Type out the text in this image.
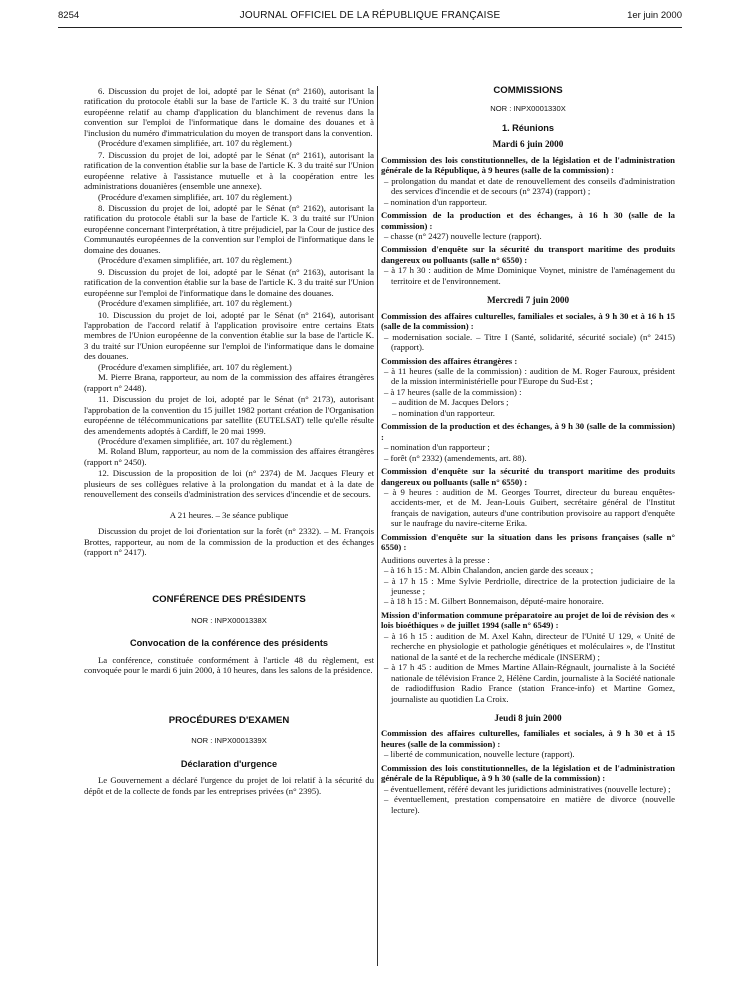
8254	JOURNAL OFFICIEL DE LA RÉPUBLIQUE FRANÇAISE	1er juin 2000

6. Discussion du projet de loi, adopté par le Sénat (n° 2160), autorisant la ratification du protocole établi sur la base de l'article K. 3 du traité sur l'Union européenne relatif au champ d'application du blanchiment de revenus dans la convention sur l'emploi de l'informatique dans le domaine des douanes et à l'inclusion du numéro d'immatriculation du moyen de transport dans la convention.

(Procédure d'examen simplifiée, art. 107 du règlement.)

7. Discussion du projet de loi, adopté par le Sénat (n° 2161), autorisant la ratification de la convention établie sur la base de l'article K. 3 du traité sur l'Union européenne relative à l'assistance mutuelle et à la coopération entre les administrations douanières (ensemble une annexe).

(Procédure d'examen simplifiée, art. 107 du règlement.)

8. Discussion du projet de loi, adopté par le Sénat (n° 2162), autorisant la ratification du protocole établi sur la base de l'article K. 3 du traité sur l'Union européenne concernant l'interprétation, à titre préjudiciel, par la Cour de justice des Communautés européennes de la convention sur l'emploi de l'informatique dans le domaine des douanes.

(Procédure d'examen simplifiée, art. 107 du règlement.)

9. Discussion du projet de loi, adopté par le Sénat (n° 2163), autorisant la ratification de la convention établie sur la base de l'article K. 3 du traité sur l'Union européenne sur l'emploi de l'informatique dans le domaine des douanes.

(Procédure d'examen simplifiée, art. 107 du règlement.)

10. Discussion du projet de loi, adopté par le Sénat (n° 2164), autorisant l'approbation de l'accord relatif à l'application provisoire entre certains Etats membres de l'Union européenne de la convention établie sur la base de l'article K. 3 du traité sur l'Union européenne sur l'emploi de l'informatique dans le domaine des douanes.

(Procédure d'examen simplifiée, art. 107 du règlement.)

M. Pierre Brana, rapporteur, au nom de la commission des affaires étrangères (rapport n° 2448).

11. Discussion du projet de loi, adopté par le Sénat (n° 2173), autorisant l'approbation de la convention du 15 juillet 1982 portant création de l'Organisation européenne de télécommunications par satellite (EUTELSAT) telle qu'elle résulte des amendements adoptés à Cardiff, le 20 mai 1999.

(Procédure d'examen simplifiée, art. 107 du règlement.)

M. Roland Blum, rapporteur, au nom de la commission des affaires étrangères (rapport n° 2450).

12. Discussion de la proposition de loi (n° 2374) de M. Jacques Fleury et plusieurs de ses collègues relative à la prolongation du mandat et à la date de renouvellement des conseils d'administration des services d'incendie et de secours.

A 21 heures. – 3e séance publique

Discussion du projet de loi d'orientation sur la forêt (n° 2332). – M. François Brottes, rapporteur, au nom de la commission de la production et des échanges (rapport n° 2417).

CONFÉRENCE DES PRÉSIDENTS

NOR : INPX0001338X

Convocation de la conférence des présidents

La conférence, constituée conformément à l'article 48 du règlement, est convoquée pour le mardi 6 juin 2000, à 10 heures, dans les salons de la présidence.

PROCÉDURES D'EXAMEN

NOR : INPX0001339X

Déclaration d'urgence

Le Gouvernement a déclaré l'urgence du projet de loi relatif à la sécurité du dépôt et de la collecte de fonds par les entreprises privées (n° 2395).

COMMISSIONS

NOR : INPX0001330X

1. Réunions

Mardi 6 juin 2000

Commission des lois constitutionnelles, de la législation et de l'administration générale de la République, à 9 heures (salle de la commission) :

– prolongation du mandat et date de renouvellement des conseils d'administration des services d'incendie et de secours (n° 2374) (rapport) ;

– nomination d'un rapporteur.

Commission de la production et des échanges, à 16 h 30 (salle de la commission) :

– chasse (n° 2427) nouvelle lecture (rapport).

Commission d'enquête sur la sécurité du transport maritime des produits dangereux ou polluants (salle n° 6550) :

– à 17 h 30 : audition de Mme Dominique Voynet, ministre de l'aménagement du territoire et de l'environnement.

Mercredi 7 juin 2000

Commission des affaires culturelles, familiales et sociales, à 9 h 30 et à 16 h 15 (salle de la commission) :

– modernisation sociale. – Titre I (Santé, solidarité, sécurité sociale) (n° 2415) (rapport).

Commission des affaires étrangères :

– à 11 heures (salle de la commission) : audition de M. Roger Fauroux, président de la mission interministérielle pour l'Europe du Sud-Est ;

– à 17 heures (salle de la commission) :

– audition de M. Jacques Delors ;

– nomination d'un rapporteur.

Commission de la production et des échanges, à 9 h 30 (salle de la commission) :

– nomination d'un rapporteur ;

– forêt (n° 2332) (amendements, art. 88).

Commission d'enquête sur la sécurité du transport maritime des produits dangereux ou polluants (salle n° 6550) :

– à 9 heures : audition de M. Georges Tourret, directeur du bureau enquêtes-accidents-mer, et de M. Jean-Louis Guibert, secrétaire général de l'Institut français de navigation, auteurs d'une contribution provisoire au rapport d'enquête sur le naufrage du navire-citerne Erika.

Commission d'enquête sur la situation dans les prisons françaises (salle n° 6550) :

Auditions ouvertes à la presse :

– à 16 h 15 : M. Albin Chalandon, ancien garde des sceaux ;

– à 17 h 15 : Mme Sylvie Perdriolle, directrice de la protection judiciaire de la jeunesse ;

– à 18 h 15 : M. Gilbert Bonnemaison, député-maire honoraire.

Mission d'information commune préparatoire au projet de loi de révision des « lois bioéthiques » de juillet 1994 (salle n° 6549) :

– à 16 h 15 : audition de M. Axel Kahn, directeur de l'Unité U 129, « Unité de recherche en physiologie et pathologie génétiques et moléculaires », de l'Institut national de la santé et de la recherche médicale (INSERM) ;

– à 17 h 45 : audition de Mmes Martine Allain-Régnault, journaliste à la Société nationale de télévision France 2, Hélène Cardin, journaliste à la Société nationale de radiodiffusion Radio France (station France-info) et Martine Gomez, journaliste au quotidien La Croix.

Jeudi 8 juin 2000

Commission des affaires culturelles, familiales et sociales, à 9 h 30 et à 15 heures (salle de la commission) :

– liberté de communication, nouvelle lecture (rapport).

Commission des lois constitutionnelles, de la législation et de l'administration générale de la République, à 9 h 30 (salle de la commission) :

– éventuellement, référé devant les juridictions administratives (nouvelle lecture) ;

– éventuellement, prestation compensatoire en matière de divorce (nouvelle lecture).
